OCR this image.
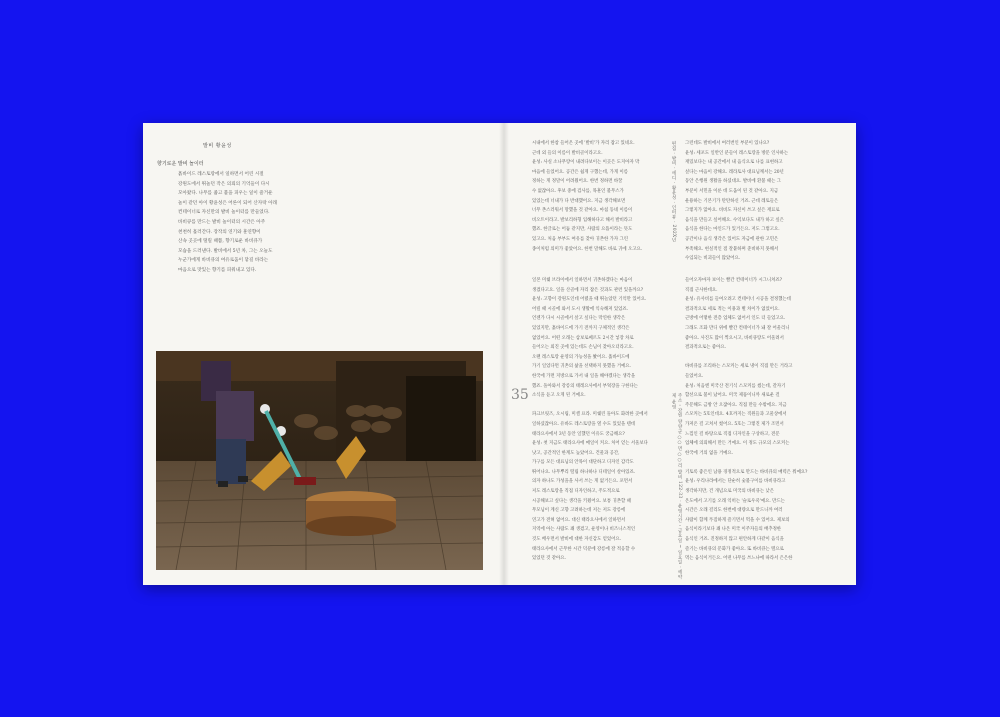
발비 황윤성
향기로운 발비 놀이터
흙바이드 레스토랑에서 일하면서 어린 시절
강원도에서 뛰놀던 작은 의뢰의 기억들이 다시
모아왔다. 나무를 줍고 불을 피우는 일이 즐거운
놀이 같던 아이 황윤성은 어른이 되어 산자락 아래
컨테이너로 자신만의 발비 놀이터를 만들었다.
바비큐를 만드는 발비 놀이터의 시간은 아주
천천히 흘러간다. 장작의 연기와 훈연향이
산속 곳곳에 떨릴 때쯤, 향기로운 바비큐가
모습을 드러낸다. 발비에서 5년 차, 그는 오늘도
누군가에게 바비큐의 여유로움이 닿길 바라는
마음으로 맛있는 향기를 피워내고 있다.
35
편집 · 발비 · 에디 · 황윤성 · 인터뷰 · 202X년
주소 : 강원 양양군 ○○면 ○○리 발비 122-33 · 운영시간 : 금요일 ~ 일요일 · 예약제 운영
시내에서 한참 들어온 곳에 '발비'가 자리 잡고 있네요.
근데 외 들의 이름이 발비골이라고요.
윤성: 사실 소나무랑이 내려다보이는 이곳은 도지아자 막
마음에 들었어요. 공간은 쉽게 구했는데, 가게 이름
정하는 게 정말이 어려웠어요. 한번 정하면 바꿀
수 없잖아요. 후보 중에 검사를, 목훈인 불무스가
있었는데 너내가 다 반대했어요. 지금 생각해보면
너무 촌스러워서 망했을 것 같아요. 마침 동네 이름이
비오트이라고. 발보리하형 입해하다고 해서 발비라고
했죠. 한글로는 어둠 같지만, 사람의 으뜸이라는 뜻도
있고요. 처음 부부도 여유를 찾아 귀촌한 가자 그린
종이처럼 의미가 좋았어요. 한번 말해도 바로 귀에 오고요.
그런데도 발비에서 여러번인 부분이 있나요?
윤성: 세포도 일반인 분들이 레스토랑을 방문 인사하는
재밌보다는 내 공간에서 내 음식으로 나를 표현하고
싶다는 마음이 강해요. 레라토사 대표님께서는 20년
동안 은행원 생활을 하셨대요. 발비에 환불 때는 그
부분이 서민을 이룬 데 도움이 된 것 같아요. 지금
운용하는 기본기가 탄탄하신 거죠. 근데 레토들은
그렇지가 않아요. 비비도 자신이 쓰고 싶은 재료로
음식을 만들고 싶어해요. 수익보다도 내가 하고 싶은
음식을 한다는 마인드가 있거든요. 저도 그렇고요.
공간이나 음식 생각은 있어도 자금에 관한 고민은
부족해요. 현실적인 점 잘붙하며 준비하지 못해서
수입되는 비괴들이 많았어요.
일본 미쉐 브라이에서 일하면서 귀촌하겠다는 마음이
생겼다고요. 일을 산골에 자리 잡은 것과도 관련 있을까요?
윤성: 고향이 강원도인데 어렸을 때 뛰놀았던 기억만 있어요.
어릴 때 시골에 와서 도시 생활에 익숙해져 있었죠.
언젠가 다시 시골에서 살고 싶다는 막연한 생각은
있었지만, 흙바이드에 가기 전까지 구체적인 생각은
없었어요. 어떤 오래는 삼보로쎄르도 2시간 넣장 차로
들어오는 외진 곳에 있는데도 손님이 찾아오더라고요.
오랜 레스토랑 운영의 가능성을 봤어요. 흙바이드에
가기 일었다면 귀촌의 삶을 선택하지 못했을 거예요.
한국에 가면 지방으로 가서 내 일을 해야겠다는 생각을
했죠. 돌아와서 강릉의 태레요사에서 부엌장을 구한다는
소식을 듣고 오게 된 거예요.
파크브릿즈, 오시림, 미셸 프라. 미쉐린 돌아도 화려한 곳에서
일하셨잖아요. 유바도 레스토랑을 열 수도 있었을 텐데
태라요사에서 3년 동안 일했던 이유도 궁금해요?
윤성: 첫 지금도 태라요사에 매일이 커요. 처어 얻는 서울보다
낫고, 공간적인 한계도 높았어요. 건물과 공간,
가구를 모든 대표님의 안목이 대단하고 디자인 감각도
뛰어나요. 나무뿌리 떨림 하나하나 디테일이 살아있죠.
의자 하나도 가성을을 사서 쓰는 게 없거든요. 포면서
저도 레스토랑을 직접 디자인하고, 주도적으로
시공해보고 싶다는 생각을 키웠어요. 보통 귀촌할 때
무모님이 계신 고향 고려하는데 저는 저도 강릉에
연고가 전혀 없어요. 대신 태라요사에서 일하면서
지역에 아는 사람도 꽤 생겼고, 운영이나 비즈니스적인
것도 배우면서 발비에 대한 자신감도 얻었어요.
태라요사에서 근무한 시간 덕분에 강릉에 잘 적응할 수
있었던 것 같아요.
들어오자마자 보이는 빨간 컨테이너가 시그니쳐죠?
직접 근사한데요.
윤성: 유사비를 들여오려고 컨테이너 시공을 결정했는데
결과적으로 세로 적는 이용과 별 차이가 없었어요.
근방에 어떻한 전층 업체도 없어서 인도 더 들었고요.
그래도 조화 만디 위에 빨간 컨테이너가 놰 잘 어울리니
좋아요. 사진도 많이 찍으시고, 바비큐랑도 어울려서
결과적으로는 좋아요.
바비큐를 조리하는 스모커는 세로 냉이 직접 만든 거라고
들었어요.
윤성: 처음엔 미국산 전기식 스모커를 썼는데, 갈자기
합선으로 불이 났어요. 미국 제품이니까 새로운 걸
주문해도 금방 안 오잖아요. 직접 만들 수밖에요. 지금
스모커는 5호인데요. 4호까지는 직원들과 고물상에서
가져온 걸 고쳐서 썼어요. 5호는 그렇진 제가 조먼서
느낌인 걸 바탕으로 직접 디자인을 구상하고, 전문
업체에 의뢰해서 만든 거예요. 이 정도 규모의 스모커는
한국에 거의 없을 거예요.
기토록 좋은인 남용 경정적으로 만드는 바비큐의 매력은 뭐예요?
윤성: 우리나라에서는 단순히 숯불구이를 바비큐라고
생각하지만, 건 개념으로 미국의 바비큐는 낮은
온도에서 고기를 오래 익히는 '슬로우쿡'예요. 만드는
시간은 오래 걸리도 한번에 대량으로 만드니까 여러
사람이 함께 푸짐하게 즐기면서 먹을 수 있어요. 제보의
음식이라기보다 꽤 나온 미국 이주자들의 배추정한
음식인 거죠. 진정하지 않고 편안하게 다같이 음식을
즐기는 바비큐의 문화가 좋아요. 또 바비큐는 텔으로
먹는 음식이거든요. 어떤 나무를 쓰느냐에 따라서 은은한
